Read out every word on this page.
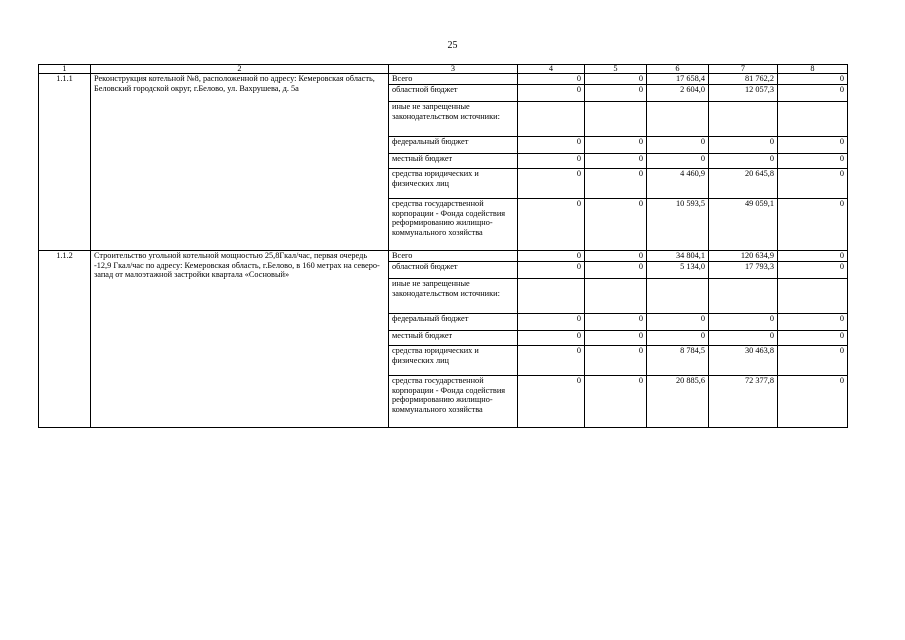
25
1	2	3	4	5	6	7	8
1.1.1	Реконструкция котельной №8, расположенной по адресу: Кемеровская область, Беловский городской округ, г.Белово, ул. Вахрушева, д. 5а	Всего	0	0	17 658,4	81 762,2	0
		областной бюджет	0	0	2 604,0	12 057,3	0
		иные не запрещенные законодательством источники:					
		федеральный бюджет	0	0	0	0	0
		местный бюджет	0	0	0	0	0
		средства юридических и физических лиц	0	0	4 460,9	20 645,8	0
		средства государственной корпорации - Фонда содействия реформированию жилищно-коммунального хозяйства	0	0	10 593,5	49 059,1	0
1.1.2	Строительство угольной котельной мощностью 25,8Гкал/час, первая очередь -12,9 Гкал/час по адресу: Кемеровская область, г.Белово, в 160 метрах на северо-запад от малоэтажной застройки квартала «Сосновый»	Всего	0	0	34 804,1	120 634,9	0
		областной бюджет	0	0	5 134,0	17 793,3	0
		иные не запрещенные законодательством источники:					
		федеральный бюджет	0	0	0	0	0
		местный бюджет	0	0	0	0	0
		средства юридических и физических лиц	0	0	8 784,5	30 463,8	0
		средства государственной корпорации - Фонда содействия реформированию жилищно-коммунального хозяйства	0	0	20 885,6	72 377,8	0
